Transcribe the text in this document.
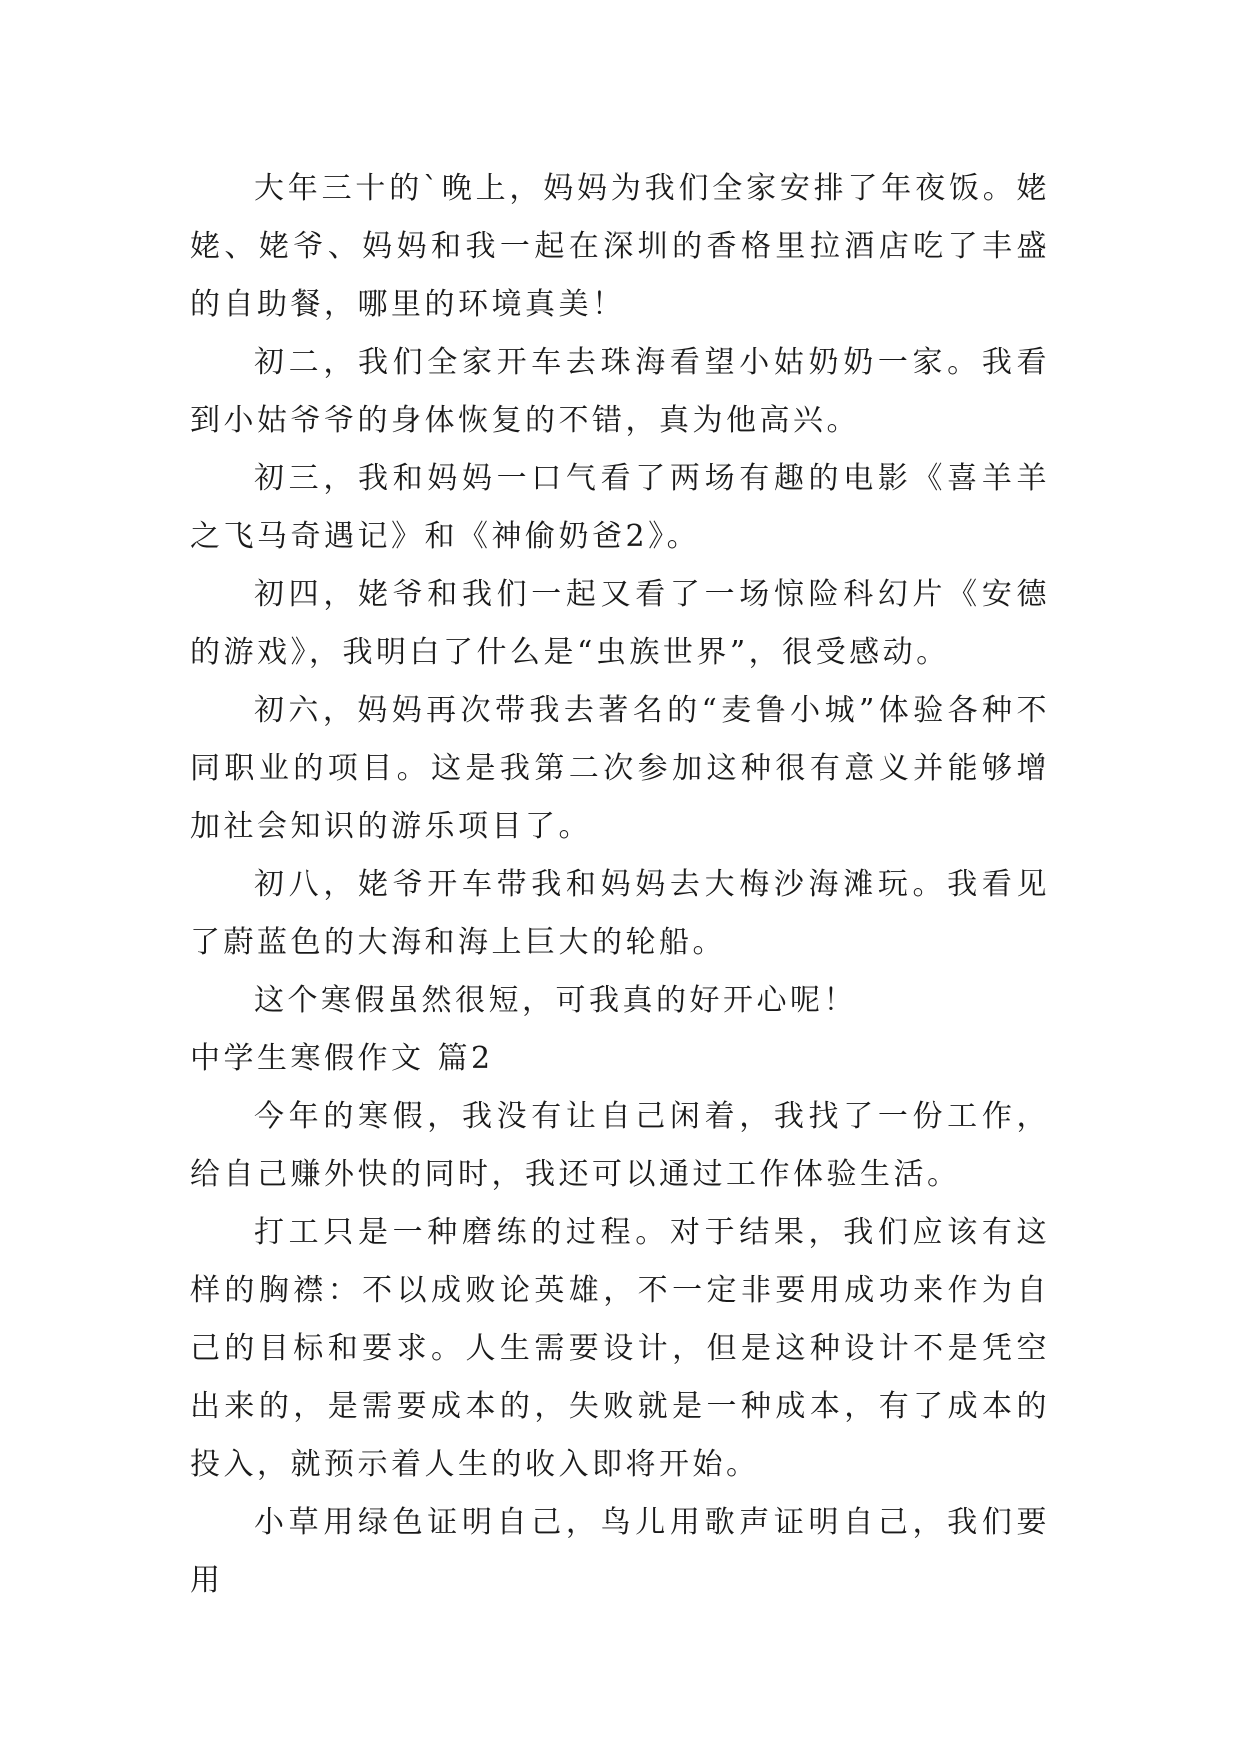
大年三十的`晚上，妈妈为我们全家安排了年夜饭。姥姥、姥爷、妈妈和我一起在深圳的香格里拉酒店吃了丰盛的自助餐，哪里的环境真美！

初二，我们全家开车去珠海看望小姑奶奶一家。我看到小姑爷爷的身体恢复的不错，真为他高兴。

初三，我和妈妈一口气看了两场有趣的电影《喜羊羊之飞马奇遇记》和《神偷奶爸2》。

初四，姥爷和我们一起又看了一场惊险科幻片《安德的游戏》，我明白了什么是“虫族世界”，很受感动。

初六，妈妈再次带我去著名的“麦鲁小城”体验各种不同职业的项目。这是我第二次参加这种很有意义并能够增加社会知识的游乐项目了。

初八，姥爷开车带我和妈妈去大梅沙海滩玩。我看见了蔚蓝色的大海和海上巨大的轮船。

这个寒假虽然很短，可我真的好开心呢！

中学生寒假作文 篇2

今年的寒假，我没有让自己闲着，我找了一份工作，给自己赚外快的同时，我还可以通过工作体验生活。

打工只是一种磨练的过程。对于结果，我们应该有这样的胸襟：不以成败论英雄，不一定非要用成功来作为自己的目标和要求。人生需要设计，但是这种设计不是凭空出来的，是需要成本的，失败就是一种成本，有了成本的投入，就预示着人生的收入即将开始。

小草用绿色证明自己，鸟儿用歌声证明自己，我们要用
